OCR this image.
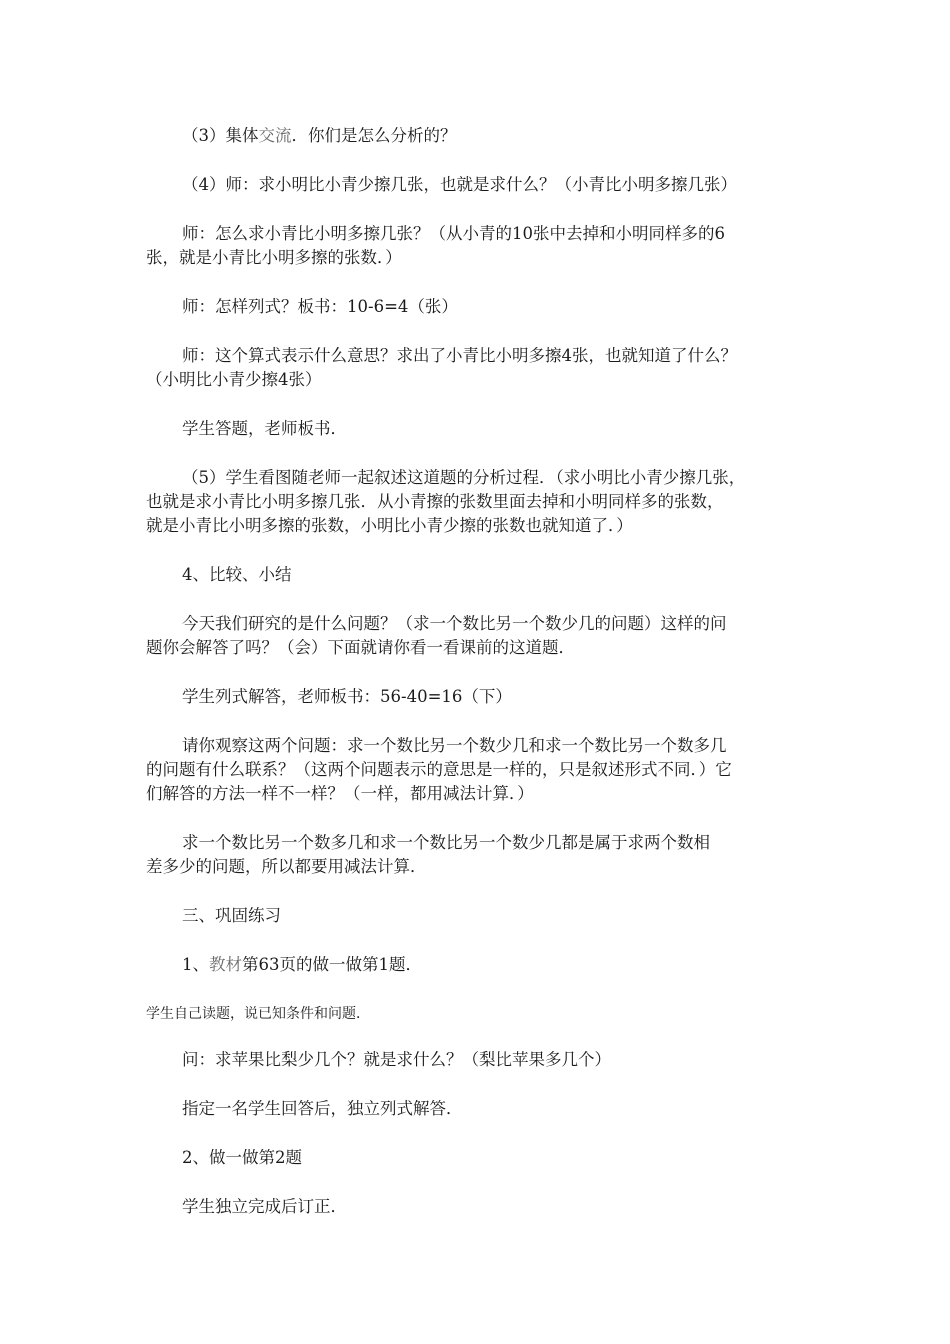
（3）集体交流．你们是怎么分析的？

（4）师：求小明比小青少擦几张，也就是求什么？（小青比小明多擦几张）

师：怎么求小青比小明多擦几张？（从小青的10张中去掉和小明同样多的6
张，就是小青比小明多擦的张数．）

师：怎样列式？板书：10-6=4（张）

师：这个算式表示什么意思？求出了小青比小明多擦4张，也就知道了什么？
（小明比小青少擦4张）

学生答题，老师板书．

（5）学生看图随老师一起叙述这道题的分析过程．（求小明比小青少擦几张，
也就是求小青比小明多擦几张．从小青擦的张数里面去掉和小明同样多的张数，
就是小青比小明多擦的张数，小明比小青少擦的张数也就知道了．）

4、比较、小结

今天我们研究的是什么问题？（求一个数比另一个数少几的问题）这样的问
题你会解答了吗？（会）下面就请你看一看课前的这道题．

学生列式解答，老师板书：56-40=16（下）

请你观察这两个问题：求一个数比另一个数少几和求一个数比另一个数多几
的问题有什么联系？（这两个问题表示的意思是一样的，只是叙述形式不同．）它
们解答的方法一样不一样？（一样，都用减法计算．）

求一个数比另一个数多几和求一个数比另一个数少几都是属于求两个数相
差多少的问题，所以都要用减法计算．

三、巩固练习

1、教材第63页的做一做第1题．

学生自己读题，说已知条件和问题．

问：求苹果比梨少几个？就是求什么？（梨比苹果多几个）

指定一名学生回答后，独立列式解答．

2、做一做第2题

学生独立完成后订正．
